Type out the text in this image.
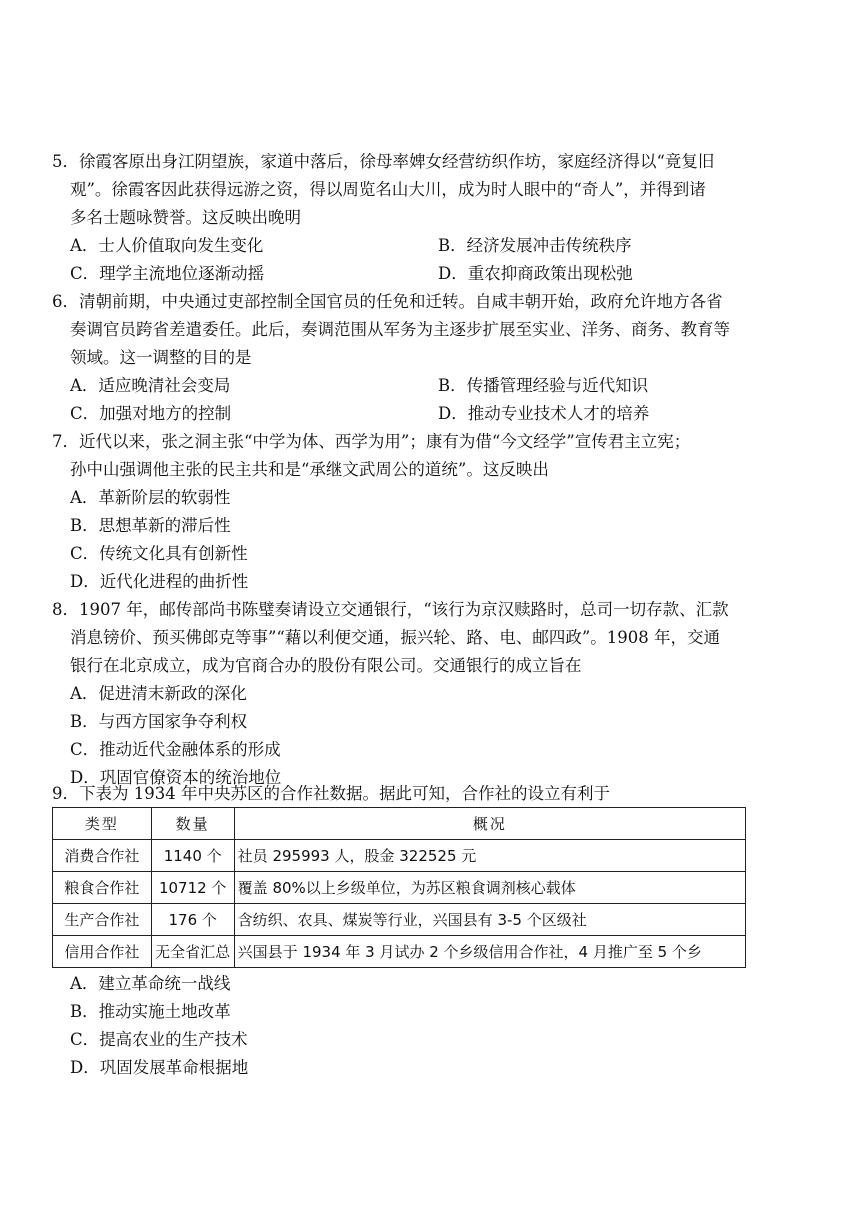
5．徐霞客原出身江阴望族，家道中落后，徐母率婢女经营纺织作坊，家庭经济得以“竟复旧
观”。徐霞客因此获得远游之资，得以周览名山大川，成为时人眼中的“奇人”，并得到诸
多名士题咏赞誉。这反映出晚明
A．士人价值取向发生变化	B．经济发展冲击传统秩序
C．理学主流地位逐渐动摇	D．重农抑商政策出现松弛
6．清朝前期，中央通过吏部控制全国官员的任免和迁转。自咸丰朝开始，政府允许地方各省
奏调官员跨省差遣委任。此后，奏调范围从军务为主逐步扩展至实业、洋务、商务、教育等
领域。这一调整的目的是
A．适应晚清社会变局	B．传播管理经验与近代知识
C．加强对地方的控制	D．推动专业技术人才的培养
7．近代以来，张之洞主张“中学为体、西学为用”；康有为借“今文经学”宣传君主立宪；
孙中山强调他主张的民主共和是“承继文武周公的道统”。这反映出
A．革新阶层的软弱性
B．思想革新的滞后性
C．传统文化具有创新性
D．近代化进程的曲折性
8．1907 年，邮传部尚书陈璧奏请设立交通银行，“该行为京汉赎路时，总司一切存款、汇款
消息镑价、预买佛郎克等事”“藉以利便交通，振兴轮、路、电、邮四政”。1908 年，交通
银行在北京成立，成为官商合办的股份有限公司。交通银行的成立旨在
A．促进清末新政的深化
B．与西方国家争夺利权
C．推动近代金融体系的形成
D．巩固官僚资本的统治地位
9．下表为 1934 年中央苏区的合作社数据。据此可知，合作社的设立有利于
类型	数量	概况
消费合作社	1140 个	社员 295993 人，股金 322525 元
粮食合作社	10712 个	覆盖 80%以上乡级单位，为苏区粮食调剂核心载体
生产合作社	176 个	含纺织、农具、煤炭等行业，兴国县有 3-5 个区级社
信用合作社	无全省汇总	兴国县于 1934 年 3 月试办 2 个乡级信用合作社，4 月推广至 5 个乡
A．建立革命统一战线
B．推动实施土地改革
C．提高农业的生产技术
D．巩固发展革命根据地
